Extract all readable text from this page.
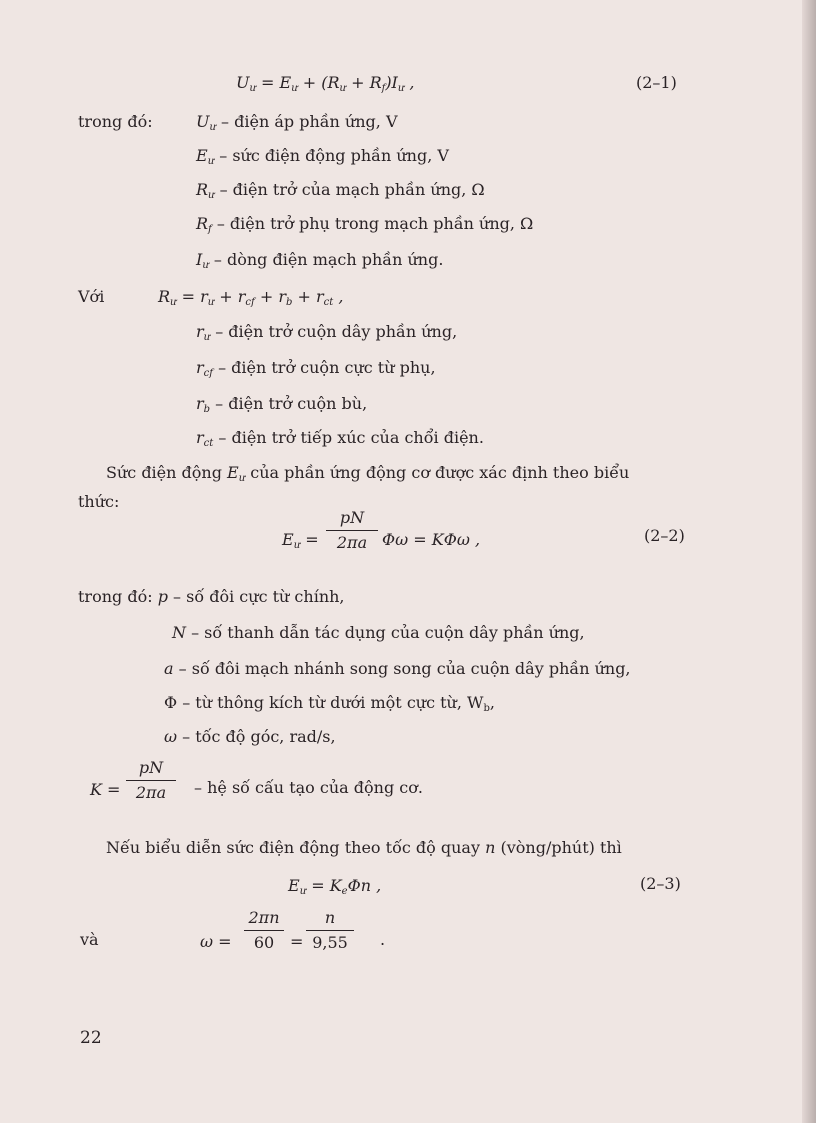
$U_ư = E_ư + (R_ư + R_f)I_ư$ ,	(2–1)
trong đó:	$U_ư$ – điện áp phần ứng, V
$E_ư$ – sức điện động phần ứng, V
$R_ư$ – điện trở của mạch phần ứng, Ω
$R_f$ – điện trở phụ trong mạch phần ứng, Ω
$I_ư$ – dòng điện mạch phần ứng.
Với	$R_ư = r_ư + r_{cf} + r_b + r_{ct}$ ,
$r_ư$ – điện trở cuộn dây phần ứng,
$r_{cf}$ – điện trở cuộn cực từ phụ,
$r_b$ – điện trở cuộn bù,
$r_{ct}$ – điện trở tiếp xúc của chổi điện.
Sức điện động $E_ư$ của phần ứng động cơ được xác định theo biểu
thức:
$E_ư$ =
pN
2πa Φω = KΦω ,	(2–2)
trong đó: p – số đôi cực từ chính,
N – số thanh dẫn tác dụng của cuộn dây phần ứng,
a – số đôi mạch nhánh song song của cuộn dây phần ứng,
Φ – từ thông kích từ dưới một cực từ, $W_b$,
ω – tốc độ góc, rad/s,
K =
pN
2πa	– hệ số cấu tạo của động cơ.
Nếu biểu diễn sức điện động theo tốc độ quay n (vòng/phút) thì
$E_ư = K_e\Phi n$ ,	(2–3)
và	ω =
2πn
60 =
n
9,55	.
22
